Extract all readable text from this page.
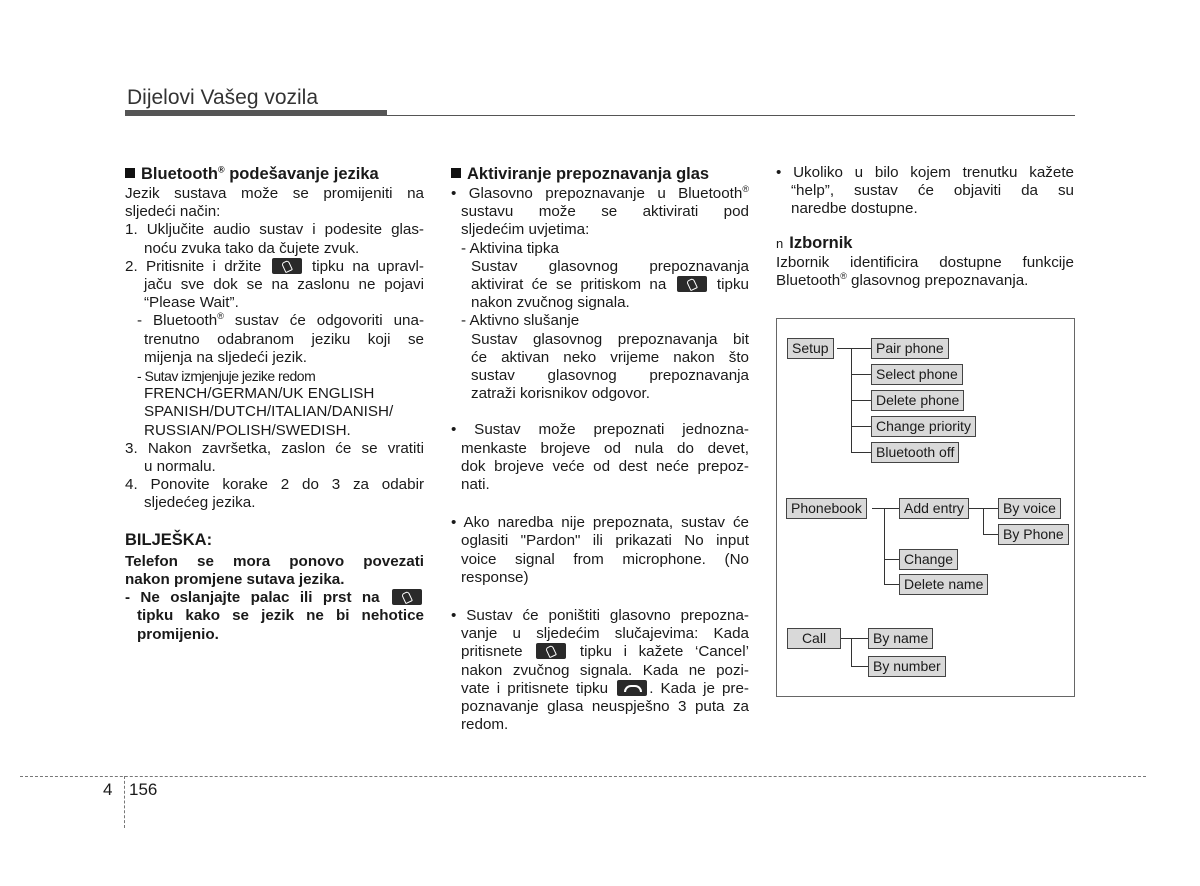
Dijelovi Vašeg vozila

Bluetooth® podešavanje jezika

Jezik sustava može se promijeniti na

sljedeći način:

1. Uključite audio sustav i podesite glas-

noću zvuka tako da čujete zvuk.

2. Pritisnite i držite	tipku na upravl-

jaču sve dok se na zaslonu ne pojavi

“Please Wait”.

- Bluetooth® sustav će odgovoriti una-

trenutno odabranom jeziku koji se

mijenja na sljedeći jezik.

- Sutav izmjenjuje jezike redom

FRENCH/GERMAN/UK ENGLISH

SPANISH/DUTCH/ITALIAN/DANISH/

RUSSIAN/POLISH/SWEDISH.

3. Nakon završetka, zaslon će se vratiti

u normalu.

4. Ponovite korake 2 do 3 za odabir

sljedećeg jezika.

BILJEŠKA:

Telefon se mora ponovo povezati

nakon promjene sutava jezika.

- Ne oslanjajte palac ili prst na

tipku kako se jezik ne bi nehotice

promijenio.

Aktiviranje prepoznavanja glas

• Glasovno prepoznavanje u Bluetooth®

sustavu može se aktivirati pod

sljedećim uvjetima:

- Aktivina tipka

Sustav glasovnog prepoznavanja

aktivirat će se pritiskom na	tipku

nakon zvučnog signala.

- Aktivno slušanje

Sustav glasovnog prepoznavanja bit

će aktivan neko vrijeme nakon što

sustav glasovnog prepoznavanja

zatraži korisnikov odgovor.

• Sustav može prepoznati jednozna-

menkaste brojeve od nula do devet,

dok brojeve veće od dest neće prepoz-

nati.

• Ako naredba nije prepoznata, sustav će

oglasiti "Pardon" ili prikazati No input

voice signal from microphone. (No

response)

• Sustav će poništiti glasovno prepozna-

vanje u sljedećim slučajevima: Kada

pritisnete	tipku i kažete ‘Cancel’

nakon zvučnog signala. Kada ne pozi-

vate i pritisnete tipku	. Kada je pre-

poznavanje glasa neuspješno 3 puta za

redom.

• Ukoliko u bilo kojem trenutku kažete

“help”, sustav će objaviti da su

naredbe dostupne.

n Izbornik

Izbornik identificira dostupne funkcije

Bluetooth® glasovnog prepoznavanja.

Setup	Pair phone
Select phone
Delete phone
Change priority
Bluetooth off
Phonebook	Add entry	By voice
By Phone
Change
Delete name
Call	By name
By number
4 156
